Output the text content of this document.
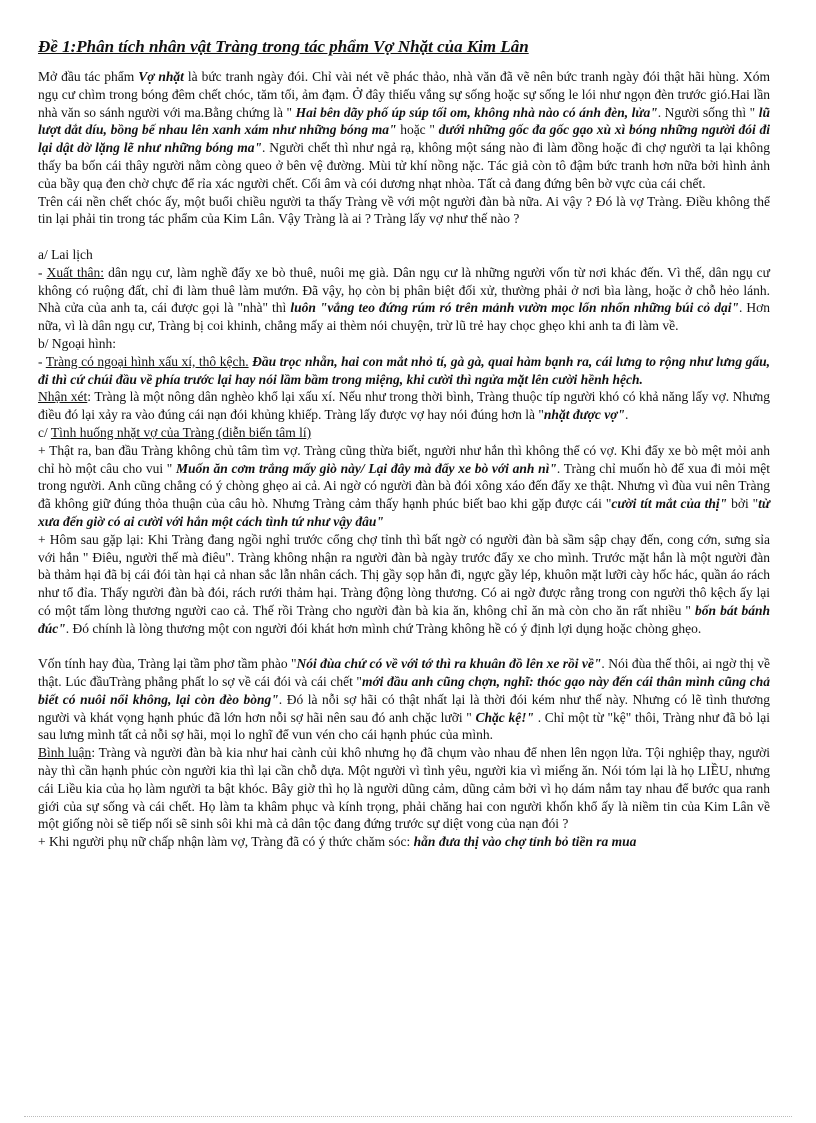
Đề 1:Phân tích nhân vật Tràng trong tác phẩm Vợ Nhặt của Kim Lân

Mở đầu tác phẩm Vợ nhặt là bức tranh ngày đói. Chỉ vài nét vẽ phác thảo, nhà văn đã vẽ nên bức tranh ngày đói thật hãi hùng. Xóm ngụ cư chìm trong bóng đêm chết chóc, tăm tối, ảm đạm. Ở đây thiếu vắng sự sống hoặc sự sống le lói như ngọn đèn trước gió.Hai lần nhà văn so sánh người với ma.Bằng chứng là " Hai bên dãy phố úp súp tối om, không nhà nào có ánh đèn, lửa". Người sống thì " lũ lượt dắt díu, bồng bế nhau lên xanh xám như những bóng ma" hoặc " dưới những gốc đa gốc gạo xù xì bóng những người đói đi lại dật dờ lặng lẽ như những bóng ma". Người chết thì như ngả rạ, không một sáng nào đi làm đồng hoặc đi chợ người ta lại không thấy ba bốn cái thây người nằm còng queo ở bên vệ đường. Mùi tử khí nồng nặc. Tác giả còn tô đậm bức tranh hơn nữa bởi hình ảnh của bầy quạ đen chờ chực để rỉa xác người chết. Cối âm và cói dương nhạt nhòa. Tất cả đang đứng bên bờ vực của cái chết.

Trên cái nền chết chóc ấy, một buổi chiều người ta thấy Tràng về với một người đàn bà nữa. Ai vậy ? Đó là vợ Tràng. Điều không thể tin lại phải tin trong tác phẩm của Kim Lân. Vậy Tràng là ai ? Tràng lấy vợ như thế nào ?

a/ Lai lịch

- Xuất thân: dân ngụ cư, làm nghề đẩy xe bò thuê, nuôi mẹ già. Dân ngụ cư là những người vốn từ nơi khác đến. Vì thế, dân ngụ cư không có ruộng đất, chỉ đi làm thuê làm mướn. Đã vậy, họ còn bị phân biệt đối xử, thường phải ở nơi bìa làng, hoặc ở chỗ hẻo lánh. Nhà cửa của anh ta, cái được gọi là "nhà" thì luôn "vắng teo đứng rúm ró trên mảnh vườn mọc lổn nhổn những búi cỏ dại". Hơn nữa, vì là dân ngụ cư, Tràng bị coi khinh, chẳng mấy ai thèm nói chuyện, trừ lũ trẻ hay chọc ghẹo khi anh ta đi làm về.

b/ Ngoại hình:

- Tràng có ngoại hình xấu xí, thô kệch. Đầu trọc nhẵn, hai con mắt nhỏ tí, gà gà, quai hàm bạnh ra, cái lưng to rộng như lưng gấu, đi thì cứ chúi đầu về phía trước lại hay nói lầm bầm trong miệng, khi cười thì ngửa mặt lên cười hềnh hệch.

Nhận xét: Tràng là một nông dân nghèo khổ lại xấu xí. Nếu như trong thời bình, Tràng thuộc típ người khó có khả năng lấy vợ. Nhưng điều đó lại xảy ra vào đúng cái nạn đói khủng khiếp. Tràng lấy được vợ hay nói đúng hơn là "nhặt được vợ".

c/ Tình huống nhặt vợ của Tràng (diễn biến tâm lí)

+ Thật ra, ban đầu Tràng không chủ tâm tìm vợ. Tràng cũng thừa biết, người như hắn thì không thể có vợ. Khi đẩy xe bò mệt mỏi anh chỉ hò một câu cho vui " Muốn ăn cơm trắng mấy giò này/ Lại đây mà đẩy xe bò với anh nì". Tràng chỉ muốn hò để xua đi mỏi mệt trong người. Anh cũng chẳng có ý chòng ghẹo ai cả. Ai ngờ có người đàn bà đói xông xáo đến đẩy xe thật. Nhưng vì đùa vui nên Tràng đã không giữ đúng thỏa thuận của câu hò. Nhưng Tràng cảm thấy hạnh phúc biết bao khi gặp được cái "cười tít mắt của thị" bởi "từ xưa đến giờ có ai cười với hắn một cách tình tứ như vậy đâu"

+ Hôm sau gặp lại: Khi Tràng đang ngồi nghỉ trước cổng chợ tỉnh thì bất ngờ có người đàn bà sầm sập chạy đến, cong cớn, sưng sỉa với hắn " Điêu, người thế mà điêu". Tràng không nhận ra người đàn bà ngày trước đẩy xe cho mình. Trước mặt hắn là một người đàn bà thảm hại đã bị cái đói tàn hại cả nhan sắc lẫn nhân cách. Thị gầy sọp hẳn đi, ngực gầy lép, khuôn mặt lưỡi cày hốc hác, quần áo rách như tổ đỉa. Thấy người đàn bà đói, rách rưới thảm hại. Tràng động lòng thương. Có ai ngờ được rằng trong con người thô kệch ấy lại có một tấm lòng thương người cao cả. Thế rồi Tràng cho người đàn bà kia ăn, không chỉ ăn mà còn cho ăn rất nhiều " bốn bát bánh đúc". Đó chính là lòng thương một con người đói khát hơn mình chứ Tràng không hề có ý định lợi dụng hoặc chòng ghẹo.

Vốn tính hay đùa, Tràng lại tầm phơ tầm phào "Nói đùa chứ có về với tớ thì ra khuân đồ lên xe rồi về". Nói đùa thế thôi, ai ngờ thị về thật. Lúc đầuTràng phẳng phất lo sợ về cái đói và cái chết "mới đầu anh cũng chợn, nghĩ: thóc gạo này đến cái thân mình cũng chả biết có nuôi nổi không, lại còn đèo bòng". Đó là nỗi sợ hãi có thật nhất lại là thời đói kém như thế này. Nhưng có lẽ tình thương người và khát vọng hạnh phúc đã lớn hơn nỗi sợ hãi nên sau đó anh chặc lưỡi " Chặc kệ!" . Chỉ một từ "kệ" thôi, Tràng như đã bỏ lại sau lưng mình tất cả nỗi sợ hãi, mọi lo nghĩ để vun vén cho cái hạnh phúc của mình.

Bình luận: Tràng và người đàn bà kia như hai cành củi khô nhưng họ đã chụm vào nhau để nhen lên ngọn lửa. Tội nghiệp thay, người này thì cần hạnh phúc còn người kia thì lại cần chỗ dựa. Một người vì tình yêu, người kia vì miếng ăn. Nói tóm lại là họ LIỀU, nhưng cái Liều kia của họ làm người ta bật khóc. Bây giờ thì họ là người dũng cảm, dũng cảm bởi vì họ dám nắm tay nhau để bước qua ranh giới của sự sống và cái chết. Họ làm ta khâm phục và kính trọng, phải chăng hai con người khốn khổ ấy là niềm tin của Kim Lân về một giống nòi sẽ tiếp nối sẽ sinh sôi khi mà cả dân tộc đang đứng trước sự diệt vong của nạn đói ?

+ Khi người phụ nữ chấp nhận làm vợ, Tràng đã có ý thức chăm sóc: hẵn đưa thị vào chợ tỉnh bỏ tiền ra mua
